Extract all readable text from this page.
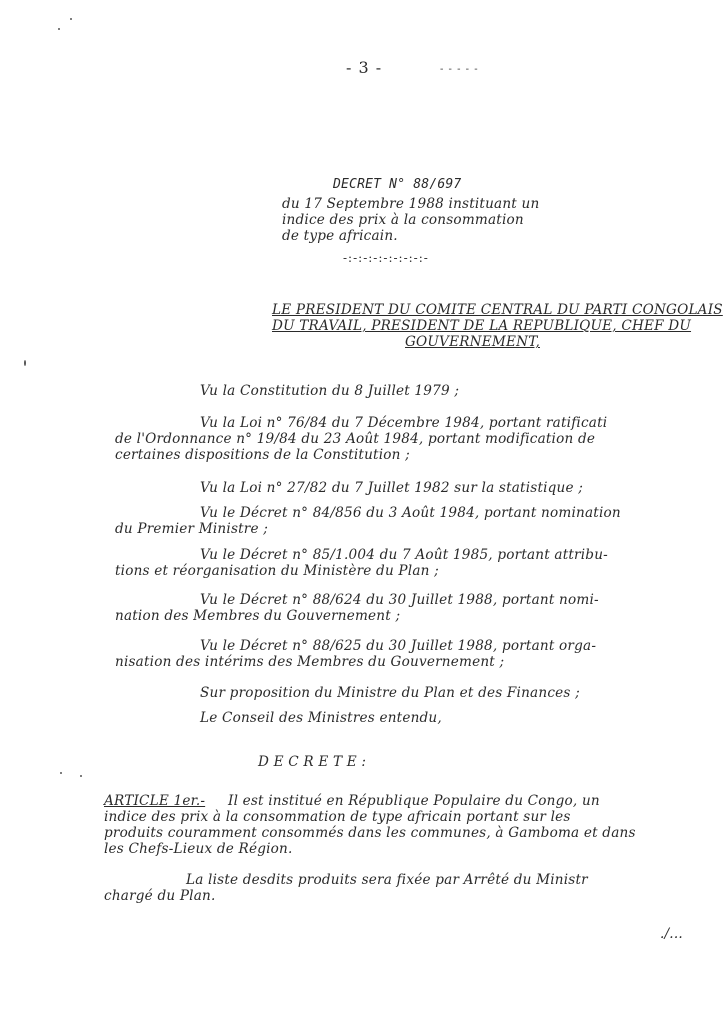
- 3 -	- - - - -
DECRET N° 88/697
du 17 Septembre 1988 instituant un
indice des prix à la consommation
de type africain.
-:-:-:-:-:-:-:-:-
LE PRESIDENT DU COMITE CENTRAL DU PARTI CONGOLAIS
DU TRAVAIL, PRESIDENT DE LA REPUBLIQUE, CHEF DU
GOUVERNEMENT,
Vu la Constitution du 8 Juillet 1979 ;
Vu la Loi n° 76/84 du 7 Décembre 1984, portant ratificati
de l'Ordonnance n° 19/84 du 23 Août 1984, portant modification de
certaines dispositions de la Constitution ;
Vu la Loi n° 27/82 du 7 Juillet 1982 sur la statistique ;
Vu le Décret n° 84/856 du 3 Août 1984, portant nomination
du Premier Ministre ;
Vu le Décret n° 85/1.004 du 7 Août 1985, portant attribu-
tions et réorganisation du Ministère du Plan ;
Vu le Décret n° 88/624 du 30 Juillet 1988, portant nomi-
nation des Membres du Gouvernement ;
Vu le Décret n° 88/625 du 30 Juillet 1988, portant orga-
nisation des intérims des Membres du Gouvernement ;
Sur proposition du Ministre du Plan et des Finances ;
Le Conseil des Ministres entendu,
D E C R E T E :
ARTICLE 1er.- Il est institué en République Populaire du Congo, un
indice des prix à la consommation de type africain portant sur les
produits couramment consommés dans les communes, à Gamboma et dans
les Chefs-Lieux de Région.
La liste desdits produits sera fixée par Arrêté du Ministr
chargé du Plan.
./...
